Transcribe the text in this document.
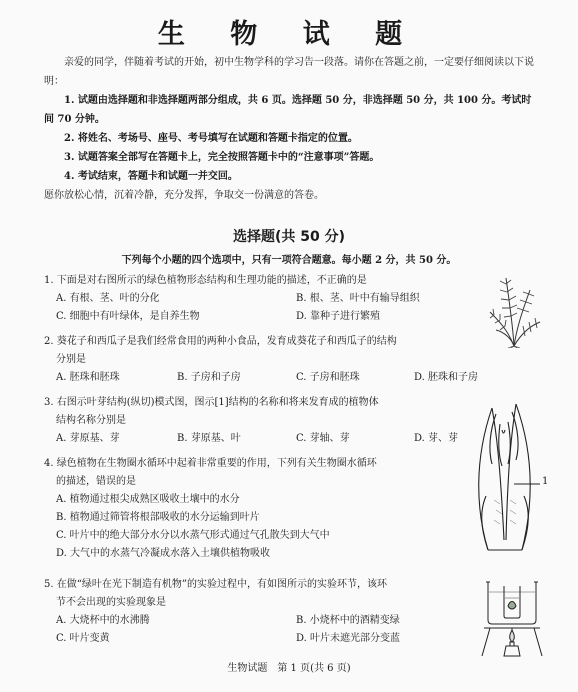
生 物 试 题

亲爱的同学，伴随着考试的开始，初中生物学科的学习告一段落。请你在答题之前，一定要仔细阅读以下说明：

1. 试题由选择题和非选择题两部分组成，共 6 页。选择题 50 分，非选择题 50 分，共 100 分。考试时间 70 分钟。

2. 将姓名、考场号、座号、考号填写在试题和答题卡指定的位置。

3. 试题答案全部写在答题卡上，完全按照答题卡中的“注意事项”答题。

4. 考试结束，答题卡和试题一并交回。

愿你放松心情，沉着冷静，充分发挥，争取交一份满意的答卷。

选择题(共 50 分)
下列每个小题的四个选项中，只有一项符合题意。每小题 2 分，共 50 分。

1. 下面是对右图所示的绿色植物形态结构和生理功能的描述，不正确的是

A. 有根、茎、叶的分化	B. 根、茎、叶中有输导组织
C. 细胞中有叶绿体，是自养生物	D. 靠种子进行繁殖

2. 葵花子和西瓜子是我们经常食用的两种小食品，发育成葵花子和西瓜子的结构

分别是

A. 胚珠和胚珠	B. 子房和子房	C. 子房和胚珠	D. 胚珠和子房

3. 右图示叶芽结构(纵切)模式图，图示[1]结构的名称和将来发育成的植物体

结构名称分别是

A. 芽原基、芽	B. 芽原基、叶	C. 芽轴、芽	D. 芽、芽

4. 绿色植物在生物圈水循环中起着非常重要的作用，下列有关生物圈水循环

的描述，错误的是

A. 植物通过根尖成熟区吸收土壤中的水分

B. 植物通过筛管将根部吸收的水分运输到叶片

C. 叶片中的绝大部分水分以水蒸气形式通过气孔散失到大气中

D. 大气中的水蒸气冷凝成水落入土壤供植物吸收

5. 在做“绿叶在光下制造有机物”的实验过程中，有如图所示的实验环节，该环

节不会出现的实验现象是

A. 大烧杯中的水沸腾	B. 小烧杯中的酒精变绿
C. 叶片变黄	D. 叶片未遮光部分变蓝
1
生物试题　第 1 页(共 6 页)
